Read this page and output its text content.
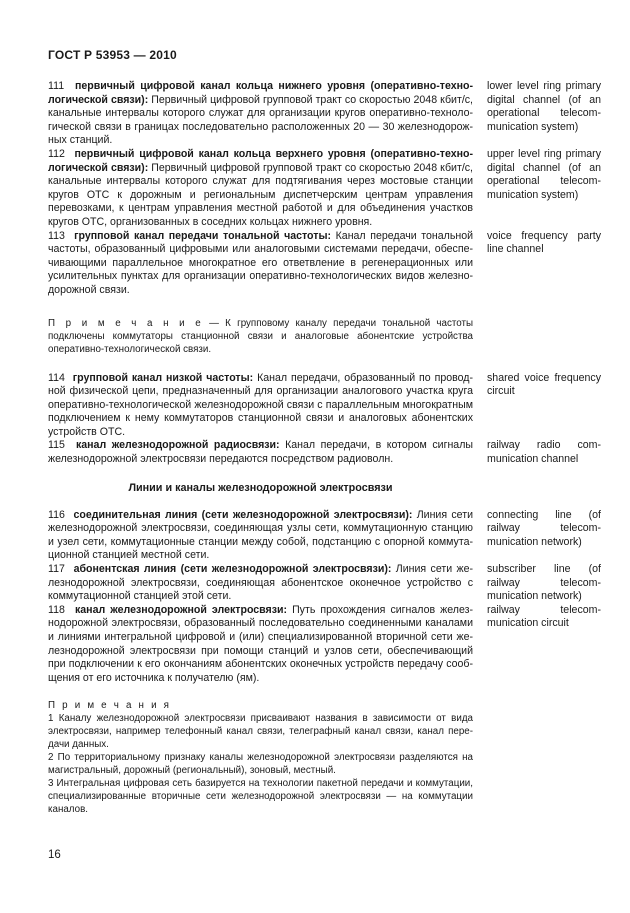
ГОСТ Р 53953 — 2010
111 первичный цифровой канал кольца нижнего уровня (оперативно-технологической связи): Первичный цифровой групповой тракт со скоростью 2048 кбит/с, канальные интервалы которого служат для организации кругов оперативно-технологической связи в границах последовательно расположенных 20 — 30 железнодорожных станций.
lower level ring primary digital channel (of an operational telecommunication system)
112 первичный цифровой канал кольца верхнего уровня (оперативно-технологической связи): Первичный цифровой групповой тракт со скоростью 2048 кбит/с, канальные интервалы которого служат для подтягивания через мостовые станции кругов ОТС к дорожным и региональным диспетчерским центрам управления перевозками, к центрам управления местной работой и для объединения участков кругов ОТС, организованных в соседних кольцах нижнего уровня.
upper level ring primary digital channel (of an operational telecommunication system)
113 групповой канал передачи тональной частоты: Канал передачи тональной частоты, образованный цифровыми или аналоговыми системами передачи, обеспечивающими параллельное многократное его ответвление в регенерационных или усилительных пунктах для организации оперативно-технологических видов железнодорожной связи.
voice frequency party line channel
П р и м е ч а н и е — К групповому каналу передачи тональной частоты подключены коммутаторы станционной связи и аналоговые абонентские устройства оперативно-технологической связи.
114 групповой канал низкой частоты: Канал передачи, образованный по проводной физической цепи, предназначенный для организации аналогового участка круга оперативно-технологической железнодорожной связи с параллельным многократным подключением к нему коммутаторов станционной связи и аналоговых абонентских устройств ОТС.
shared voice frequency circuit
115 канал железнодорожной радиосвязи: Канал передачи, в котором сигналы железнодорожной электросвязи передаются посредством радиоволн.
railway radio communication channel
Линии и каналы железнодорожной электросвязи
116 соединительная линия (сети железнодорожной электросвязи): Линия сети железнодорожной электросвязи, соединяющая узлы сети, коммутационную станцию и узел сети, коммутационные станции между собой, подстанцию с опорной коммутационной станцией местной сети.
connecting line (of railway telecommunication network)
117 абонентская линия (сети железнодорожной электросвязи): Линия сети железнодорожной электросвязи, соединяющая абонентское оконечное устройство с коммутационной станцией этой сети.
subscriber line (of railway telecommunication network)
118 канал железнодорожной электросвязи: Путь прохождения сигналов железнодорожной электросвязи, образованный последовательно соединенными каналами и линиями интегральной цифровой и (или) специализированной вторичной сети железнодорожной электросвязи при помощи станций и узлов сети, обеспечивающий при подключении к его окончаниям абонентских оконечных устройств передачу сообщения от его источника к получателю (ям).
railway telecommunication circuit
П р и м е ч а н и я
1 Каналу железнодорожной электросвязи присваивают названия в зависимости от вида электросвязи, например телефонный канал связи, телеграфный канал связи, канал передачи данных.
2 По территориальному признаку каналы железнодорожной электросвязи разделяются на магистральный, дорожный (региональный), зоновый, местный.
3 Интегральная цифровая сеть базируется на технологии пакетной передачи и коммутации, специализированные вторичные сети железнодорожной электросвязи — на коммутации каналов.
16
